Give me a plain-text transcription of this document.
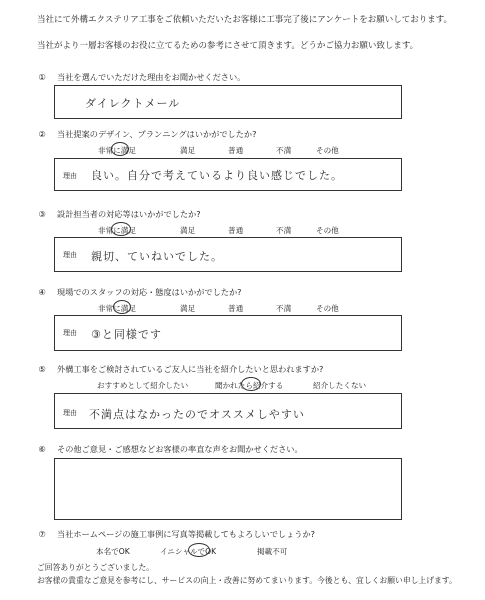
当社にて外構エクステリア工事をご依頼いただいたお客様に工事完了後にアンケートをお願いしております。
当社がより一層お客様のお役に立てるための参考にさせて頂きます。どうかご協力お願い致します。
① 当社を選んでいただけた理由をお聞かせください。
ダイレクトメール
② 当社提案のデザイン、プランニングはいかがでしたか?
非常に満足	満足	普通	不満	その他
理由 良い。自分で考えているより良い感じでした。
③ 設計担当者の対応等はいかがでしたか?
非常に満足	満足	普通	不満	その他
理由 親切、ていねいでした。
④ 現場でのスタッフの対応・態度はいかがでしたか?
非常に満足	満足	普通	不満	その他
理由 ③と同様です
⑤ 外構工事をご検討されているご友人に当社を紹介したいと思われますか?
おすすめとして紹介したい	聞かれたら紹介する	紹介したくない
理由 不満点はなかったのでオススメしやすい
⑥ その他ご意見・ご感想などお客様の率直な声をお聞かせください。
⑦ 当社ホームページの施工事例に写真等掲載してもよろしいでしょうか?
本名でOK	イニシャルでOK	掲載不可
ご回答ありがとうございました。
お客様の貴重なご意見を参考にし、サービスの向上・改善に努めてまいります。今後とも、宜しくお願い申し上げます。
